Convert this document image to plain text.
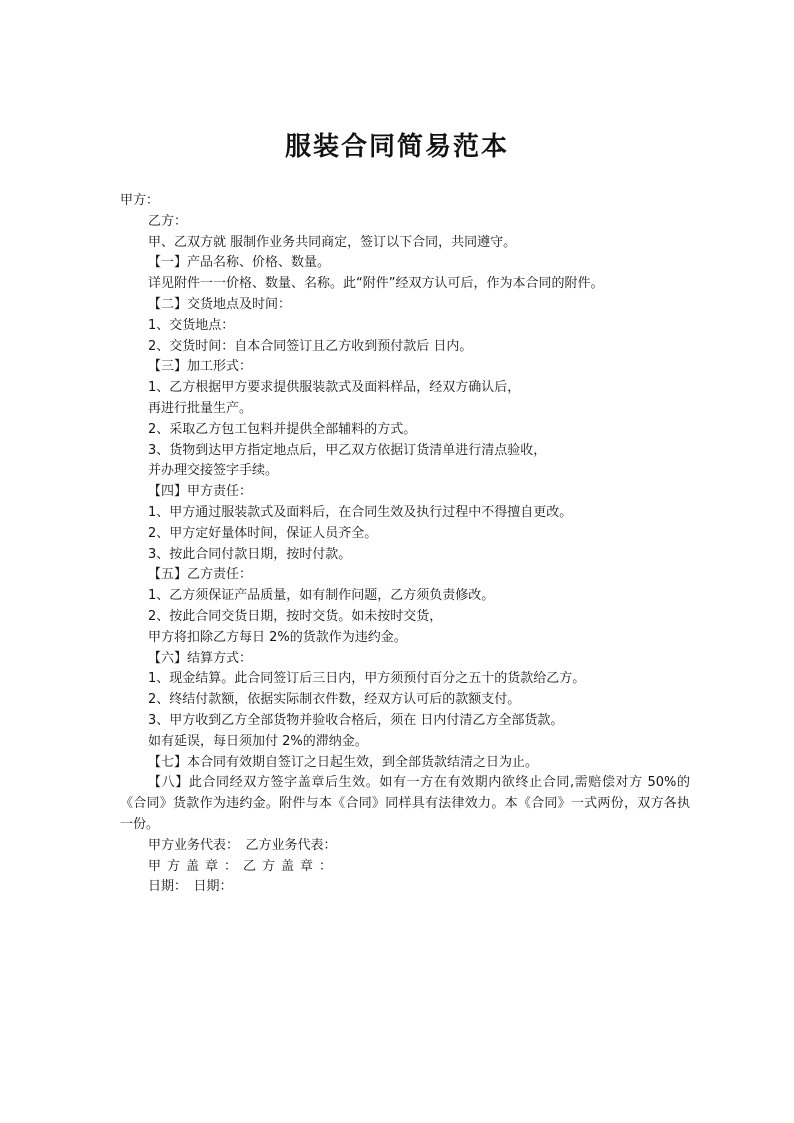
服装合同简易范本

甲方：

乙方：

甲、乙双方就 服制作业务共同商定，签订以下合同，共同遵守。

【一】产品名称、价格、数量。

详见附件一一价格、数量、名称。此“附件”经双方认可后，作为本合同的附件。

【二】交货地点及时间：

1、交货地点：

2、交货时间：自本合同签订且乙方收到预付款后 日内。

【三】加工形式：

1、乙方根据甲方要求提供服装款式及面料样品，经双方确认后，

再进行批量生产。

2、采取乙方包工包料并提供全部辅料的方式。

3、货物到达甲方指定地点后，甲乙双方依据订货清单进行清点验收，

并办理交接签字手续。

【四】甲方责任：

1、甲方通过服装款式及面料后，在合同生效及执行过程中不得擅自更改。

2、甲方定好量体时间，保证人员齐全。

3、按此合同付款日期，按时付款。

【五】乙方责任：

1、乙方须保证产品质量，如有制作问题，乙方须负责修改。

2、按此合同交货日期，按时交货。如未按时交货，

甲方将扣除乙方每日 2%的货款作为违约金。

【六】结算方式：

1、现金结算。此合同签订后三日内，甲方须预付百分之五十的货款给乙方。

2、终结付款额，依据实际制衣件数，经双方认可后的款额支付。

3、甲方收到乙方全部货物并验收合格后，须在 日内付清乙方全部货款。

如有延误，每日须加付 2%的滞纳金。

【七】本合同有效期自签订之日起生效，到全部货款结清之日为止。

【八】此合同经双方签字盖章后生效。如有一方在有效期内欲终止合同,需赔偿对方 50%的《合同》货款作为违约金。附件与本《合同》同样具有法律效力。本《合同》一式两份，双方各执一份。

甲方业务代表：　乙方业务代表：

甲方盖章：乙方盖章：

日期：　日期：
